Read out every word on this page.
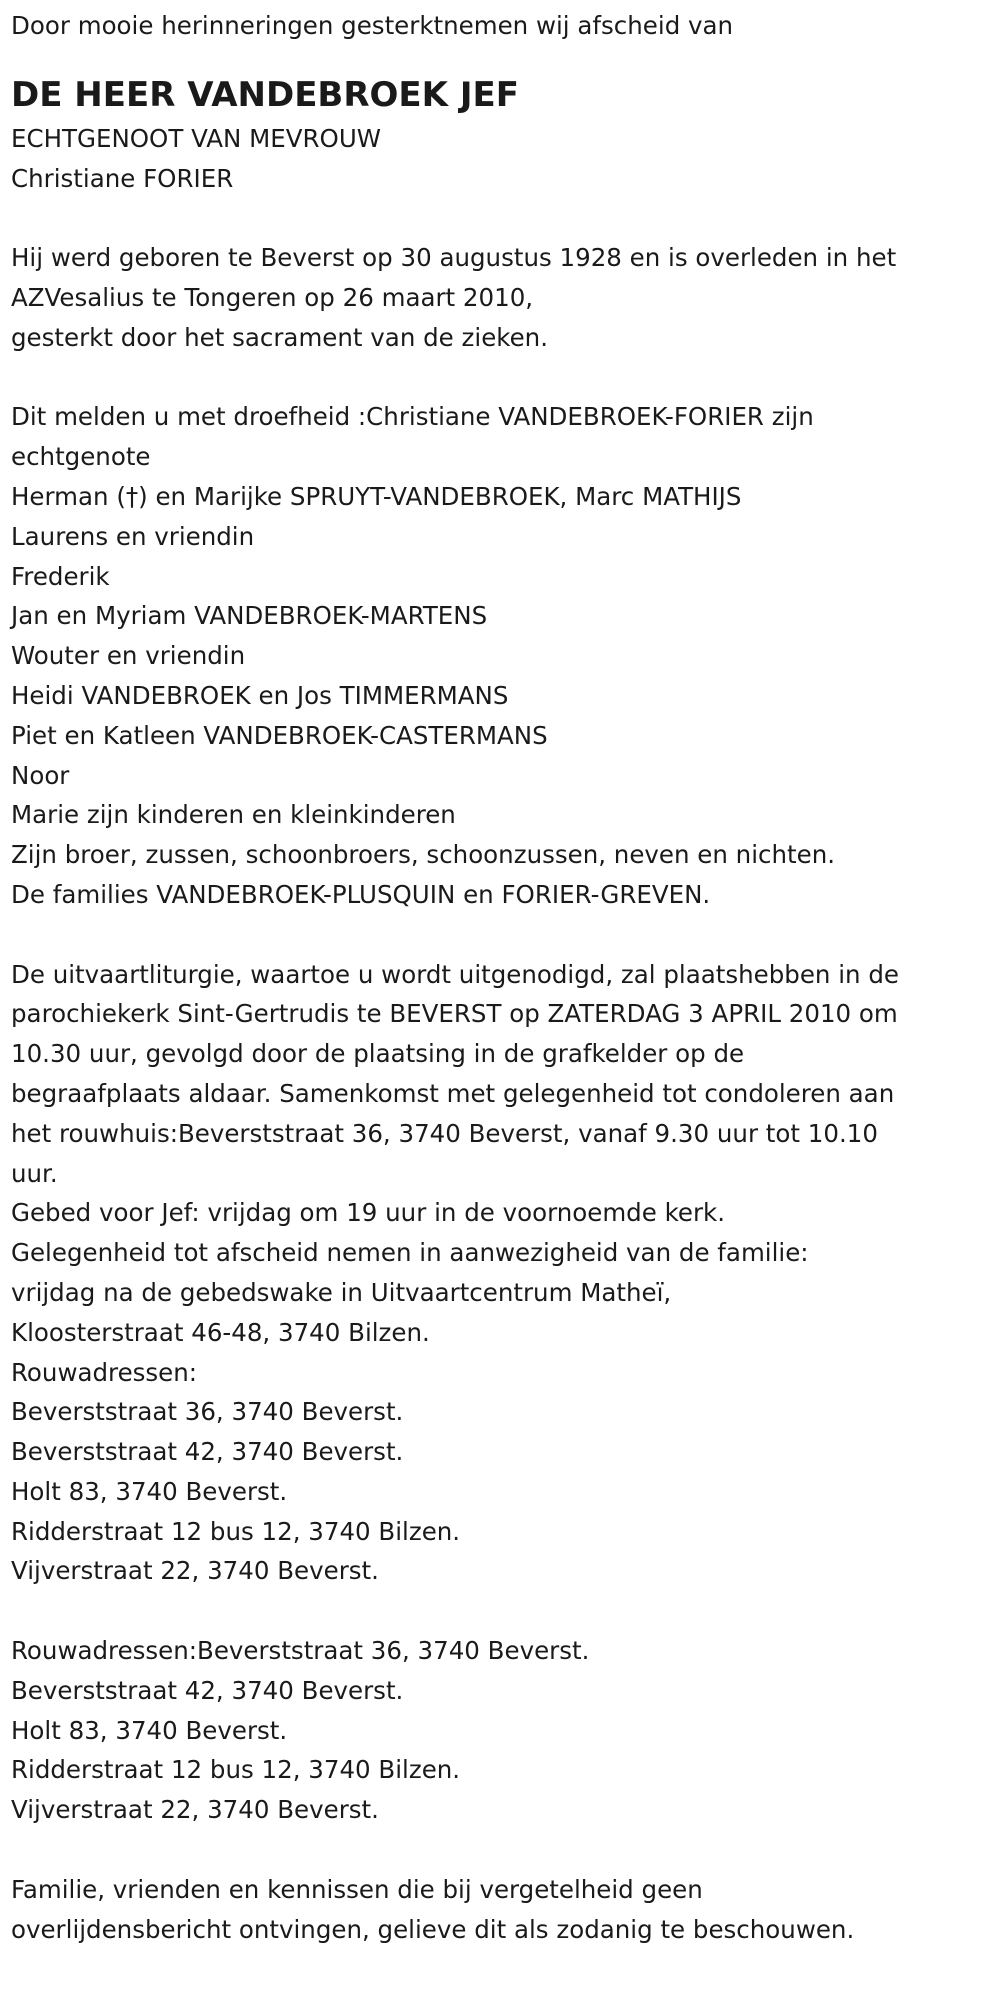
Door mooie herinneringen gesterktnemen wij afscheid van
DE HEER VANDEBROEK JEF
ECHTGENOOT VAN MEVROUW
Christiane FORIER
Hij werd geboren te Beverst op 30 augustus 1928 en is overleden in het
AZVesalius te Tongeren op 26 maart 2010,
gesterkt door het sacrament van de zieken.
Dit melden u met droefheid :Christiane VANDEBROEK-FORIER zijn
echtgenote
Herman (†) en Marijke SPRUYT-VANDEBROEK, Marc MATHIJS
Laurens en vriendin
Frederik
Jan en Myriam VANDEBROEK-MARTENS
Wouter en vriendin
Heidi VANDEBROEK en Jos TIMMERMANS
Piet en Katleen VANDEBROEK-CASTERMANS
Noor
Marie zijn kinderen en kleinkinderen
Zijn broer, zussen, schoonbroers, schoonzussen, neven en nichten.
De families VANDEBROEK-PLUSQUIN en FORIER-GREVEN.
De uitvaartliturgie, waartoe u wordt uitgenodigd, zal plaatshebben in de
parochiekerk Sint-Gertrudis te BEVERST op ZATERDAG 3 APRIL 2010 om
10.30 uur, gevolgd door de plaatsing in de grafkelder op de
begraafplaats aldaar. Samenkomst met gelegenheid tot condoleren aan
het rouwhuis:Beverststraat 36, 3740 Beverst, vanaf 9.30 uur tot 10.10
uur.
Gebed voor Jef: vrijdag om 19 uur in de voornoemde kerk.
Gelegenheid tot afscheid nemen in aanwezigheid van de familie:
vrijdag na de gebedswake in Uitvaartcentrum Matheï,
Kloosterstraat 46-48, 3740 Bilzen.
Rouwadressen:
Beverststraat 36, 3740 Beverst.
Beverststraat 42, 3740 Beverst.
Holt 83, 3740 Beverst.
Ridderstraat 12 bus 12, 3740 Bilzen.
Vijverstraat 22, 3740 Beverst.
Rouwadressen:Beverststraat 36, 3740 Beverst.
Beverststraat 42, 3740 Beverst.
Holt 83, 3740 Beverst.
Ridderstraat 12 bus 12, 3740 Bilzen.
Vijverstraat 22, 3740 Beverst.
Familie, vrienden en kennissen die bij vergetelheid geen
overlijdensbericht ontvingen, gelieve dit als zodanig te beschouwen.
